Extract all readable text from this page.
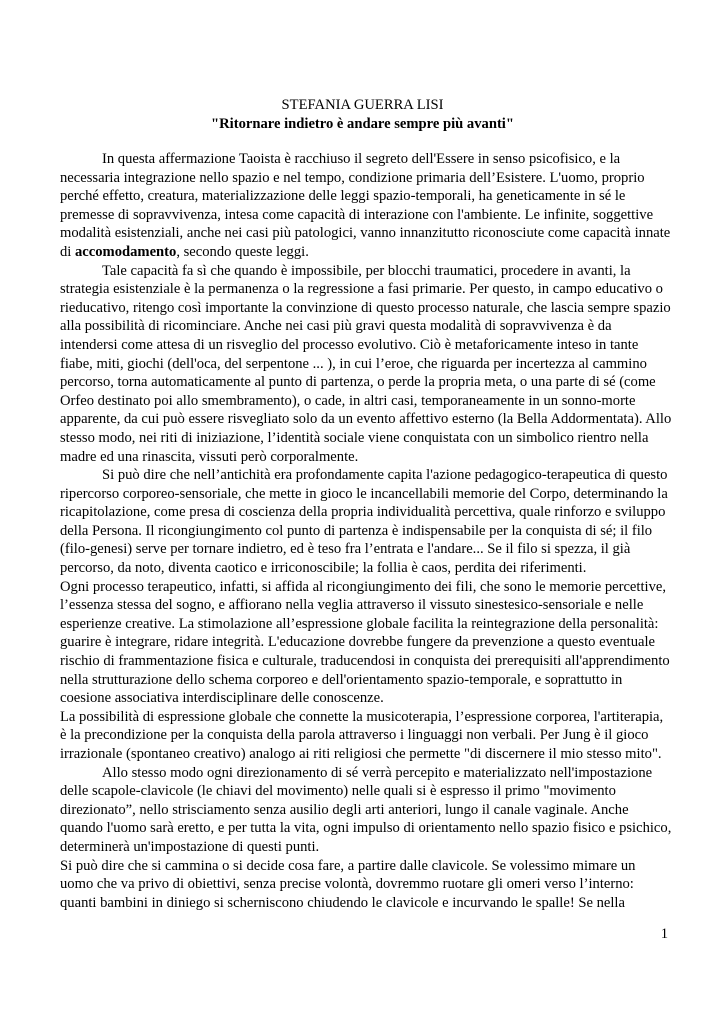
STEFANIA GUERRA LISI
"Ritornare indietro è andare sempre più avanti"

In questa affermazione Taoista è racchiuso il segreto dell'Essere in senso psicofisico, e la necessaria integrazione nello spazio e nel tempo, condizione primaria dell’Esistere. L'uomo, proprio perché effetto, creatura, materializzazione delle leggi spazio-temporali, ha geneticamente in sé le premesse di sopravvivenza, intesa come capacità di interazione con l'ambiente. Le infinite, soggettive modalità esistenziali, anche nei casi più patologici, vanno innanzitutto riconosciute come capacità innate di accomodamento, secondo queste leggi.

Tale capacità fa sì che quando è impossibile, per blocchi traumatici, procedere in avanti, la strategia esistenziale è la permanenza o la regressione a fasi primarie. Per questo, in campo educativo o rieducativo, ritengo così importante la convinzione di questo processo naturale, che lascia sempre spazio alla possibilità di ricominciare. Anche nei casi più gravi questa modalità di sopravvivenza è da intendersi come attesa di un risveglio del processo evolutivo. Ciò è metaforicamente inteso in tante fiabe, miti, giochi (dell'oca, del serpentone ... ), in cui l’eroe, che riguarda per incertezza al cammino percorso, torna automaticamente al punto di partenza, o perde la propria meta, o una parte di sé (come Orfeo destinato poi allo smembramento), o cade, in altri casi, temporaneamente in un sonno-morte apparente, da cui può essere risvegliato solo da un evento affettivo esterno (la Bella Addormentata). Allo stesso modo, nei riti di iniziazione, l’identità sociale viene conquistata con un simbolico rientro nella madre ed una rinascita, vissuti però corporalmente.

Si può dire che nell’antichità era profondamente capita l'azione pedagogico-terapeutica di questo ripercorso corporeo-sensoriale, che mette in gioco le incancellabili memorie del Corpo, determinando la ricapitolazione, come presa di coscienza della propria individualità percettiva, quale rinforzo e sviluppo della Persona. Il ricongiungimento col punto di partenza è indispensabile per la conquista di sé; il filo (filo-genesi) serve per tornare indietro, ed è teso fra l’entrata e l'andare... Se il filo si spezza, il già percorso, da noto, diventa caotico e irriconoscibile; la follia è caos, perdita dei riferimenti.

Ogni processo terapeutico, infatti, si affida al ricongiungimento dei fili, che sono le memorie percettive, l’essenza stessa del sogno, e affiorano nella veglia attraverso il vissuto sinestesico-sensoriale e nelle esperienze creative. La stimolazione all’espressione globale facilita la reintegrazione della personalità: guarire è integrare, ridare integrità. L'educazione dovrebbe fungere da prevenzione a questo eventuale rischio di frammentazione fisica e culturale, traducendosi in conquista dei prerequisiti all'apprendimento nella strutturazione dello schema corporeo e dell'orientamento spazio-temporale, e soprattutto in coesione associativa interdisciplinare delle conoscenze.

La possibilità di espressione globale che connette la musicoterapia, l’espressione corporea, l'artiterapia, è la precondizione per la conquista della parola attraverso i linguaggi non verbali. Per Jung è il gioco irrazionale (spontaneo creativo) analogo ai riti religiosi che permette "di discernere il mio stesso mito".

Allo stesso modo ogni direzionamento di sé verrà percepito e materializzato nell'impostazione delle scapole-clavicole (le chiavi del movimento) nelle quali si è espresso il primo "movimento direzionato”, nello strisciamento senza ausilio degli arti anteriori, lungo il canale vaginale. Anche quando l'uomo sarà eretto, e per tutta la vita, ogni impulso di orientamento nello spazio fisico e psichico, determinerà un'impostazione di questi punti.

Si può dire che si cammina o si decide cosa fare, a partire dalle clavicole. Se volessimo mimare un uomo che va privo di obiettivi, senza precise volontà, dovremmo ruotare gli omeri verso l’interno: quanti bambini in diniego si scherniscono chiudendo le clavicole e incurvando le spalle! Se nella

1
